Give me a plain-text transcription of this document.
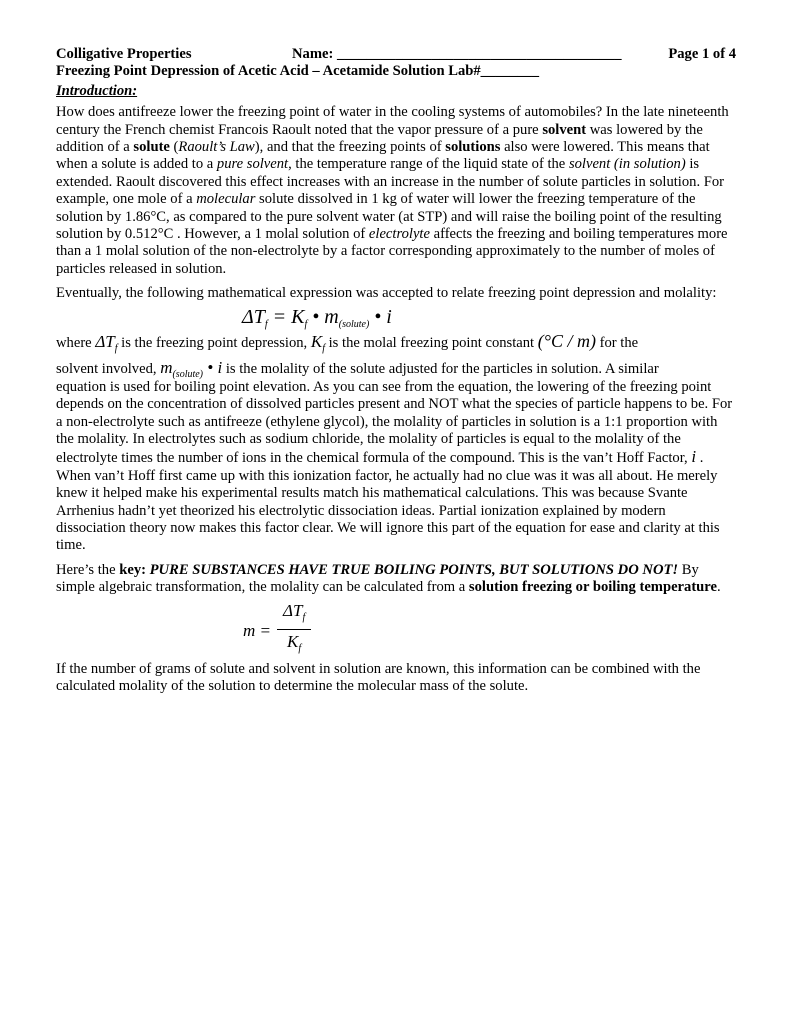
Colligative Properties	Name: _______________________________________	Page 1 of 4
Freezing Point Depression of Acetic Acid – Acetamide Solution Lab#________
Introduction:

How does antifreeze lower the freezing point of water in the cooling systems of automobiles? In the late nineteenth century the French chemist Francois Raoult noted that the vapor pressure of a pure solvent was lowered by the addition of a solute (Raoult’s Law), and that the freezing points of solutions also were lowered. This means that when a solute is added to a pure solvent, the temperature range of the liquid state of the solvent (in solution) is extended. Raoult discovered this effect increases with an increase in the number of solute particles in solution. For example, one mole of a molecular solute dissolved in 1 kg of water will lower the freezing temperature of the solution by 1.86°C, as compared to the pure solvent water (at STP) and will raise the boiling point of the resulting solution by 0.512°C . However, a 1 molal solution of electrolyte affects the freezing and boiling temperatures more than a 1 molal solution of the non-electrolyte by a factor corresponding approximately to the number of moles of particles released in solution.

Eventually, the following mathematical expression was accepted to relate freezing point depression and molality:

$\Delta T_f = K_f$ • $m_{(solute)}$ • i
where $\Delta T_f$ is the freezing point depression, $K_f$ is the molal freezing point constant (°C / m) for the
solvent involved, $m_{(solute)}$ • i is the molality of the solute adjusted for the particles in solution. A similar

equation is used for boiling point elevation. As you can see from the equation, the lowering of the freezing point depends on the concentration of dissolved particles present and NOT what the species of particle happens to be. For a non-electrolyte such as antifreeze (ethylene glycol), the molality of particles in solution is a 1:1 proportion with the molality. In electrolytes such as sodium chloride, the molality of particles is equal to the molality of the electrolyte times the number of ions in the chemical formula of the compound. This is the van’t Hoff Factor, i . When van’t Hoff first came up with this ionization factor, he actually had no clue was it was all about. He merely knew it helped make his experimental results match his mathematical calculations. This was because Svante Arrhenius hadn’t yet theorized his electrolytic dissociation ideas. Partial ionization explained by modern dissociation theory now makes this factor clear. We will ignore this part of the equation for ease and clarity at this time.

Here’s the key: PURE SUBSTANCES HAVE TRUE BOILING POINTS, BUT SOLUTIONS DO NOT! By simple algebraic transformation, the molality can be calculated from a solution freezing or boiling temperature.

$m = \frac{\Delta T_f}{K_f}$

If the number of grams of solute and solvent in solution are known, this information can be combined with the calculated molality of the solution to determine the molecular mass of the solute.
